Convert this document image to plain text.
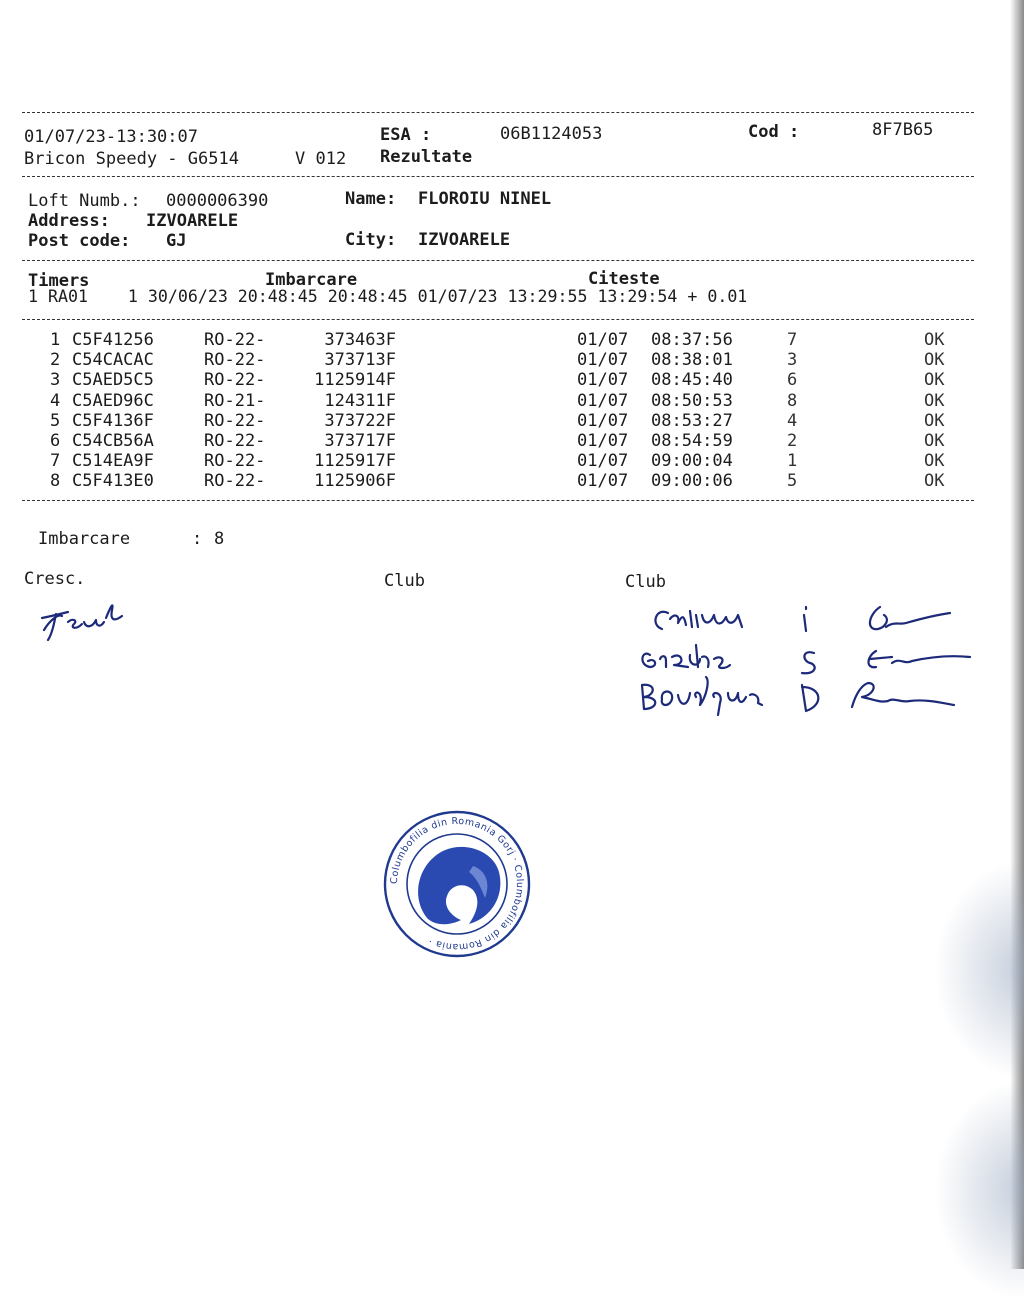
01/07/23-13:30:07	ESA :	06B1124053	Cod :	8F7B65
Bricon Speedy - G6514	V 012 Rezultate
Loft Numb.: 0000006390	Name: FLOROIU NINEL
Address: IZVOARELE
Post code: GJ	City: IZVOARELE
Timers	Imbarcare	Citeste
1 RA01    1 30/06/23 20:48:45 20:48:45 01/07/23 13:29:55 13:29:54 + 0.01
1 C5F41256	RO-22-	373463F	01/07 08:37:56	7	OK
2 C54CACAC	RO-22-	373713F	01/07 08:38:01	3	OK
3 C5AED5C5	RO-22-	1125914F	01/07 08:45:40	6	OK
4 C5AED96C	RO-21-	124311F	01/07 08:50:53	8	OK
5 C5F4136F	RO-22-	373722F	01/07 08:53:27	4	OK
6 C54CB56A	RO-22-	373717F	01/07 08:54:59	2	OK
7 C514EA9F	RO-22-	1125917F	01/07 09:00:04	1	OK
8 C5F413E0	RO-22-	1125906F	01/07 09:00:06	5	OK
Imbarcare	: 8
Cresc.	Club	Club
Columbofilia din Romania Gorj · Columbofilia din Romania ·
